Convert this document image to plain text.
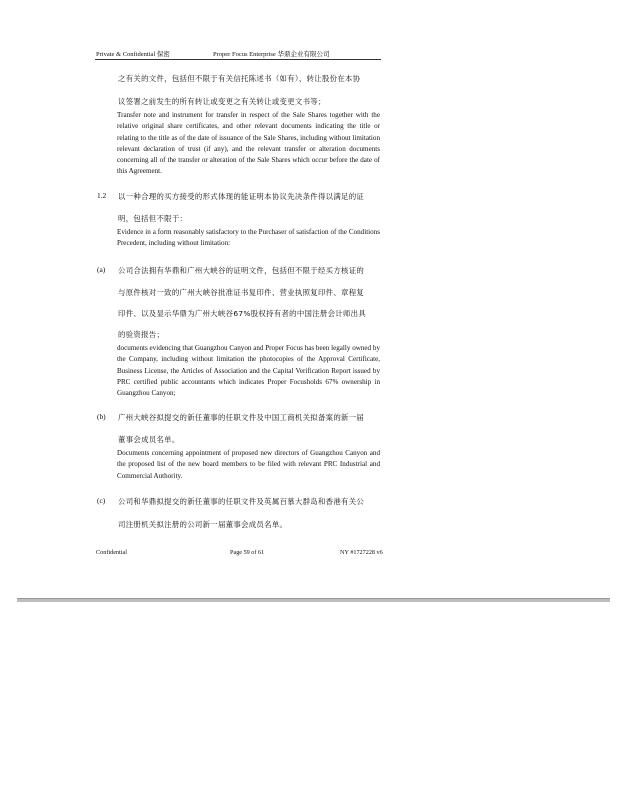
Private & Confidential 保密	Proper Focus Enterprise 华鼎企业有限公司
之有关的文件，包括但不限于有关信托陈述书（如有）、转让股份在本协
议签署之前发生的所有转让或变更之有关转让或变更文书等；
Transfer note and instrument for transfer in respect of the Sale Shares together with the relative original share certificates, and other relevant documents indicating the title or relating to the title as of the date of issuance of the Sale Shares, including without limitation relevant declaration of trust (if any), and the relevant transfer or alteration documents concerning all of the transfer or alteration of the Sale Shares which occur before the date of this Agreement.
1.2 以一种合理的买方接受的形式体现的能证明本协议先决条件得以满足的证
明，包括但不限于：
Evidence in a form reasonably satisfactory to the Purchaser of satisfaction of the Conditions Precedent, including without limitation:
(a) 公司合法拥有华鼎和广州大峡谷的证明文件，包括但不限于经买方核证的
与原件核对一致的广州大峡谷批准证书复印件、营业执照复印件、章程复
印件、以及显示华鼎为广州大峡谷67%股权持有者的中国注册会计师出具
的验资报告；
documents evidencing that Guangzhou Canyon and Proper Focus has been legally owned by the Company, including without limitation the photocopies of the Approval Certificate, Business License, the Articles of Association and the Capital Verification Report issued by PRC certified public accountants which indicates Proper Focusholds 67% ownership in Guangzhou Canyon;
(b) 广州大峡谷拟提交的新任董事的任职文件及中国工商机关拟备案的新一届
董事会成员名单。
Documents concerning appointment of proposed new directors of Guangzhou Canyon and the proposed list of the new board members to be filed with relevant PRC Industrial and Commercial Authority.
(c) 公司和华鼎拟提交的新任董事的任职文件及英属百慕大群岛和香港有关公
司注册机关拟注册的公司新一届董事会成员名单。
Confidential	Page 59 of 61	NY #1727228 v6
